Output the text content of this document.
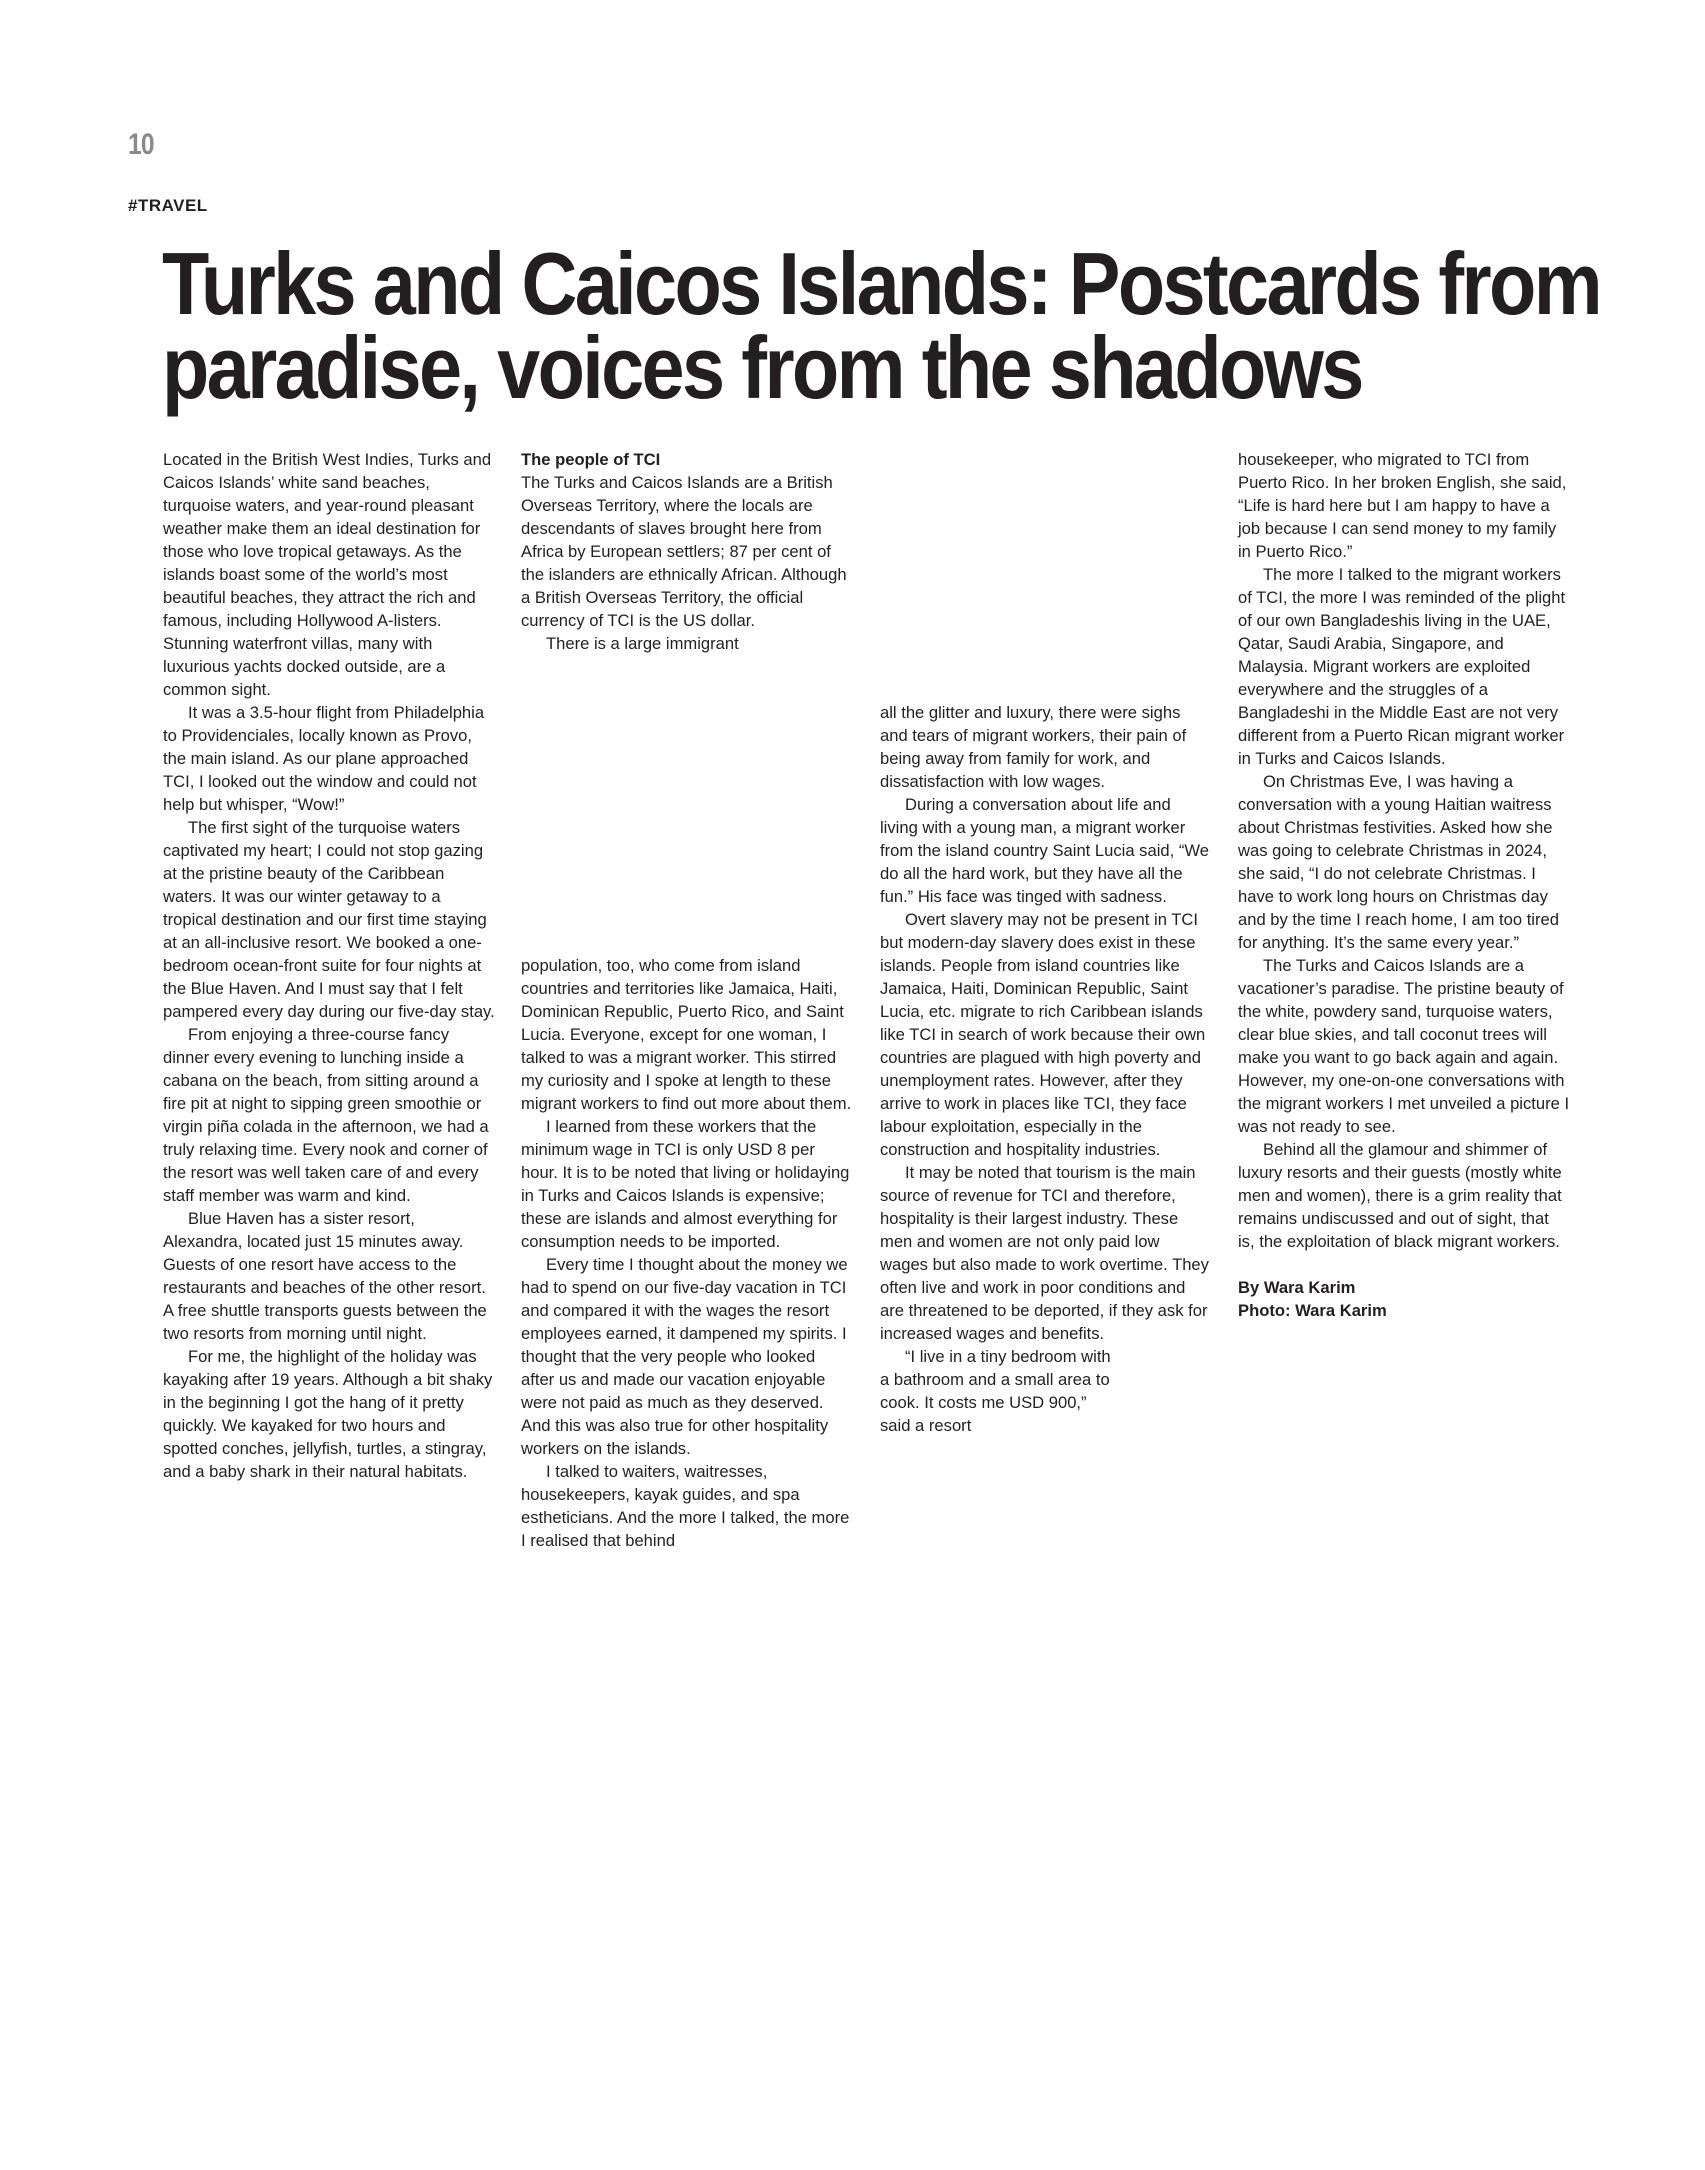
10
#TRAVEL
Turks and Caicos Islands: Postcards from
paradise, voices from the shadows

Located in the British West Indies, Turks and Caicos Islands’ white sand beaches, turquoise waters, and year-round pleasant weather make them an ideal destination for those who love tropical getaways. As the islands boast some of the world’s most beautiful beaches, they attract the rich and famous, including Hollywood A-listers. Stunning waterfront villas, many with luxurious yachts docked outside, are a common sight.

It was a 3.5-hour flight from Philadelphia to Providenciales, locally known as Provo, the main island. As our plane approached TCI, I looked out the window and could not help but whisper, “Wow!”

The first sight of the turquoise waters captivated my heart; I could not stop gazing at the pristine beauty of the Caribbean waters. It was our winter getaway to a tropical destination and our first time staying at an all-inclusive resort. We booked a one-bedroom ocean-front suite for four nights at the Blue Haven. And I must say that I felt pampered every day during our five-day stay.

From enjoying a three-course fancy dinner every evening to lunching inside a cabana on the beach, from sitting around a fire pit at night to sipping green smoothie or virgin piña colada in the afternoon, we had a truly relaxing time. Every nook and corner of the resort was well taken care of and every staff member was warm and kind.

Blue Haven has a sister resort, Alexandra, located just 15 minutes away. Guests of one resort have access to the restaurants and beaches of the other resort. A free shuttle transports guests between the two resorts from morning until night.

For me, the highlight of the holiday was kayaking after 19 years. Although a bit shaky in the beginning I got the hang of it pretty quickly. We kayaked for two hours and spotted conches, jellyfish, turtles, a stingray, and a baby shark in their natural habitats.

The people of TCI

The Turks and Caicos Islands are a British Overseas Territory, where the locals are descendants of slaves brought here from Africa by European settlers; 87 per cent of the islanders are ethnically African. Although a British Overseas Territory, the official currency of TCI is the US dollar.

There is a large immigrant

population, too, who come from island countries and territories like Jamaica, Haiti, Dominican Republic, Puerto Rico, and Saint Lucia. Everyone, except for one woman, I talked to was a migrant worker. This stirred my curiosity and I spoke at length to these migrant workers to find out more about them.

I learned from these workers that the minimum wage in TCI is only USD 8 per hour. It is to be noted that living or holidaying in Turks and Caicos Islands is expensive; these are islands and almost everything for consumption needs to be imported.

Every time I thought about the money we had to spend on our five-day vacation in TCI and compared it with the wages the resort employees earned, it dampened my spirits. I thought that the very people who looked after us and made our vacation enjoyable were not paid as much as they deserved. And this was also true for other hospitality workers on the islands.

I talked to waiters, waitresses, housekeepers, kayak guides, and spa estheticians. And the more I talked, the more I realised that behind

all the glitter and luxury, there were sighs and tears of migrant workers, their pain of being away from family for work, and dissatisfaction with low wages.

During a conversation about life and living with a young man, a migrant worker from the island country Saint Lucia said, “We do all the hard work, but they have all the fun.” His face was tinged with sadness.

Overt slavery may not be present in TCI but modern-day slavery does exist in these islands. People from island countries like Jamaica, Haiti, Dominican Republic, Saint Lucia, etc. migrate to rich Caribbean islands like TCI in search of work because their own countries are plagued with high poverty and unemployment rates. However, after they arrive to work in places like TCI, they face labour exploitation, especially in the construction and hospitality industries.

It may be noted that tourism is the main source of revenue for TCI and therefore, hospitality is their largest industry. These men and women are not only paid low wages but also made to work overtime. They often live and work in poor conditions and are threatened to be deported, if they ask for increased wages and benefits.

“I live in a tiny bedroom with
a bathroom and a small area to
cook. It costs me USD 900,”
said a resort

housekeeper, who migrated to TCI from Puerto Rico. In her broken English, she said, “Life is hard here but I am happy to have a job because I can send money to my family in Puerto Rico.”

The more I talked to the migrant workers of TCI, the more I was reminded of the plight of our own Bangladeshis living in the UAE, Qatar, Saudi Arabia, Singapore, and Malaysia. Migrant workers are exploited everywhere and the struggles of a Bangladeshi in the Middle East are not very different from a Puerto Rican migrant worker in Turks and Caicos Islands.

On Christmas Eve, I was having a conversation with a young Haitian waitress about Christmas festivities. Asked how she was going to celebrate Christmas in 2024, she said, “I do not celebrate Christmas. I have to work long hours on Christmas day and by the time I reach home, I am too tired for anything. It’s the same every year.”

The Turks and Caicos Islands are a vacationer’s paradise. The pristine beauty of the white, powdery sand, turquoise waters, clear blue skies, and tall coconut trees will make you want to go back again and again. However, my one-on-one conversations with the migrant workers I met unveiled a picture I was not ready to see.

Behind all the glamour and shimmer of luxury resorts and their guests (mostly white men and women), there is a grim reality that remains undiscussed and out of sight, that is, the exploitation of black migrant workers.

By Wara Karim

Photo: Wara Karim
